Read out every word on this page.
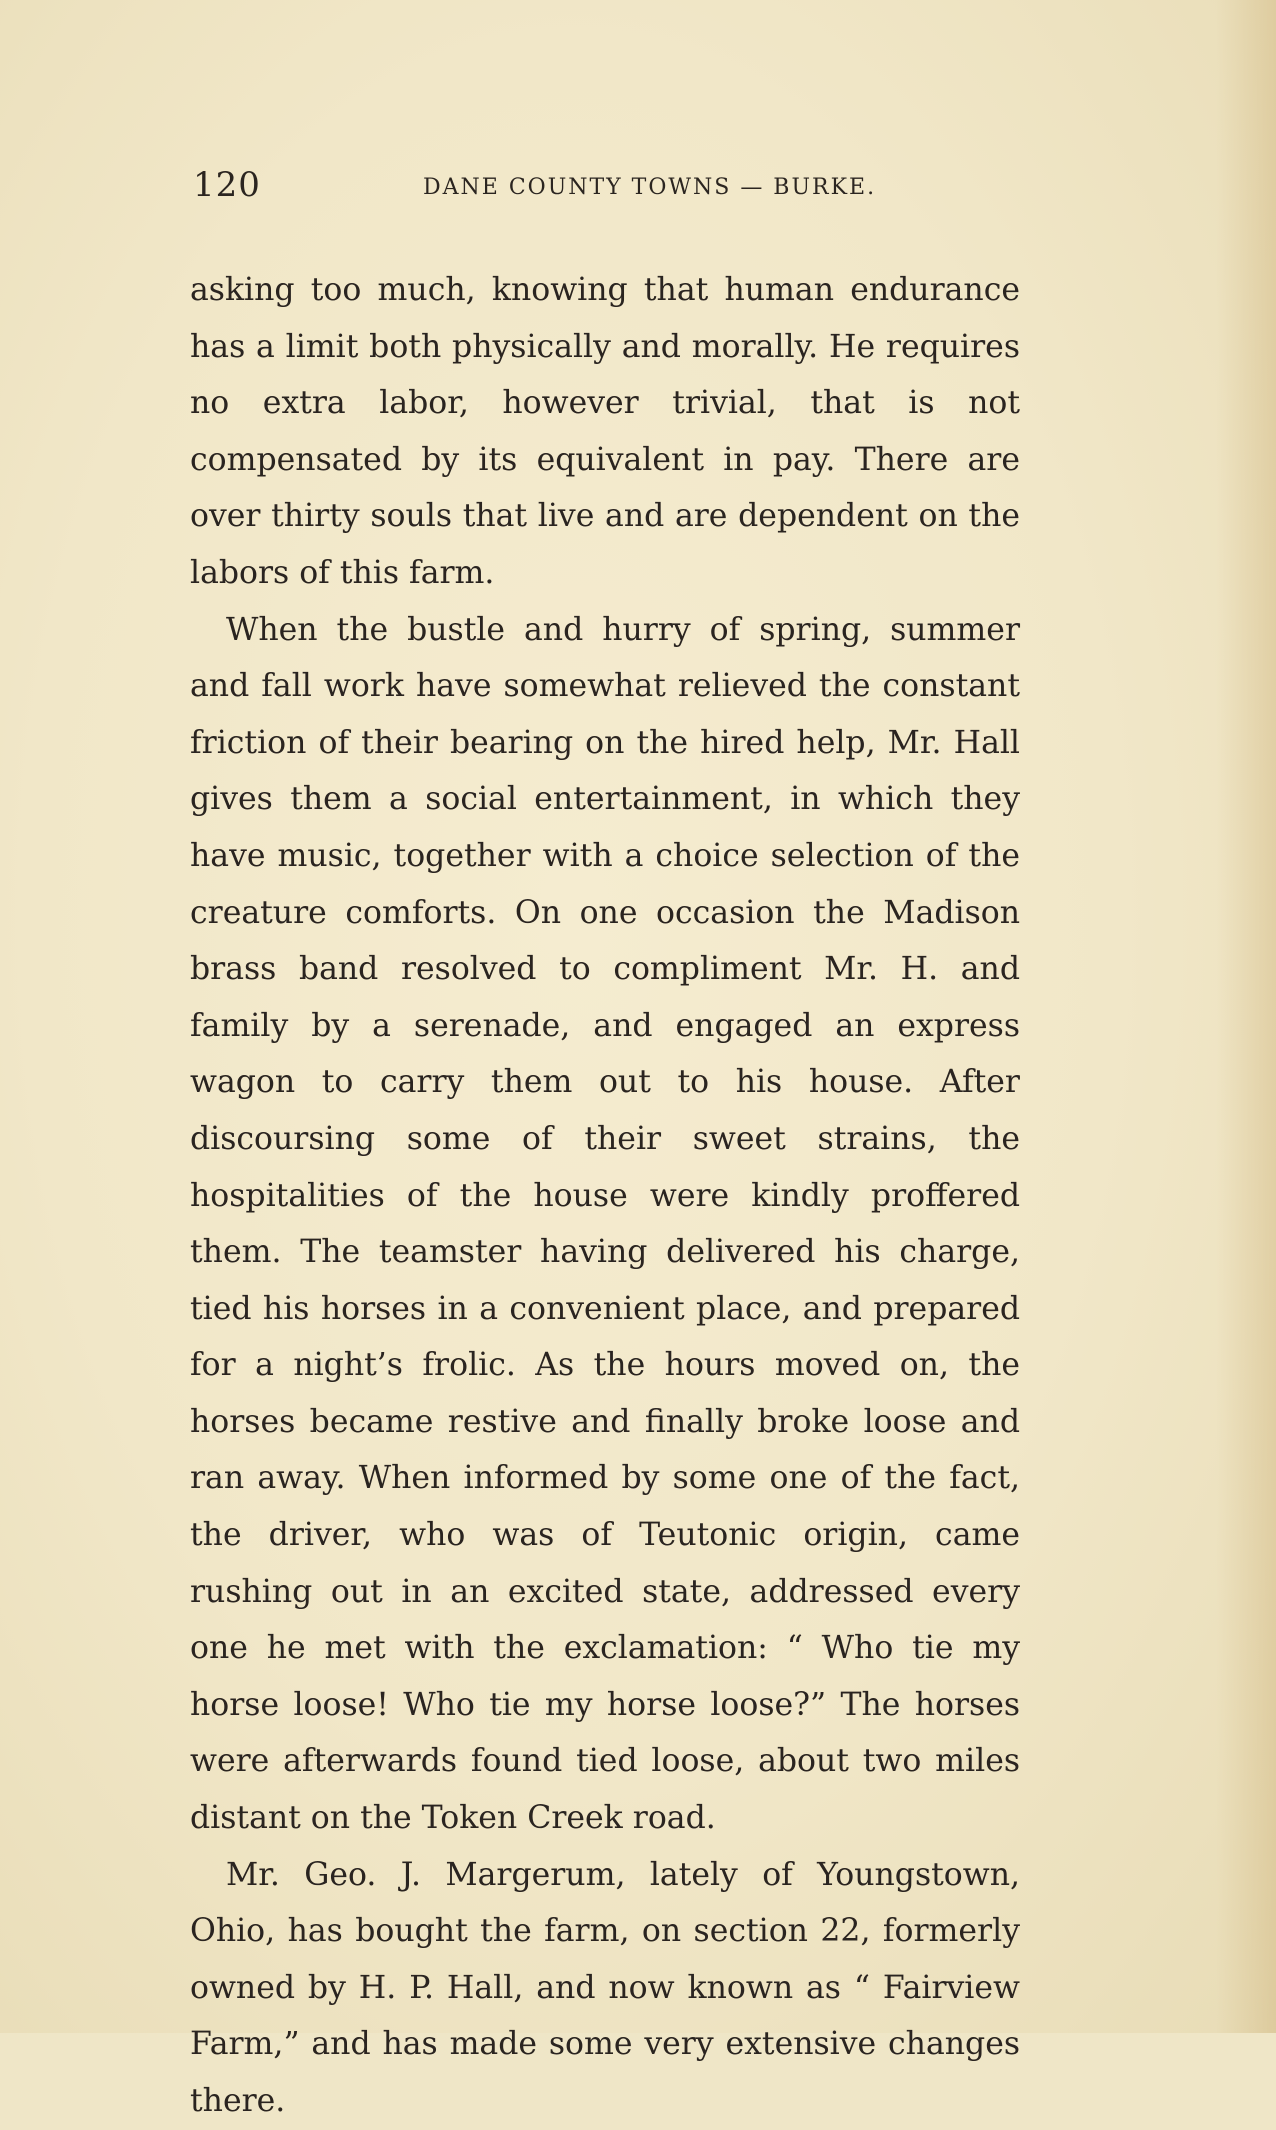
120	DANE COUNTY TOWNS — BURKE.

asking too much, knowing that human endurance has a limit both physically and morally. He requires no extra labor, however trivial, that is not compensated by its equivalent in pay. There are over thirty souls that live and are dependent on the labors of this farm.

When the bustle and hurry of spring, summer and fall work have somewhat relieved the constant friction of their bearing on the hired help, Mr. Hall gives them a social entertainment, in which they have music, together with a choice selection of the creature comforts. On one occasion the Madison brass band resolved to compliment Mr. H. and family by a serenade, and engaged an express wagon to carry them out to his house. After discoursing some of their sweet strains, the hospitalities of the house were kindly proffered them. The teamster having delivered his charge, tied his horses in a convenient place, and prepared for a night’s frolic. As the hours moved on, the horses became restive and finally broke loose and ran away. When informed by some one of the fact, the driver, who was of Teutonic origin, came rushing out in an excited state, addressed every one he met with the exclamation: “ Who tie my horse loose! Who tie my horse loose?” The horses were afterwards found tied loose, about two miles distant on the Token Creek road.

Mr. Geo. J. Margerum, lately of Youngstown, Ohio, has bought the farm, on section 22, formerly owned by H. P. Hall, and now known as “ Fairview Farm,” and has made some very extensive changes there.
